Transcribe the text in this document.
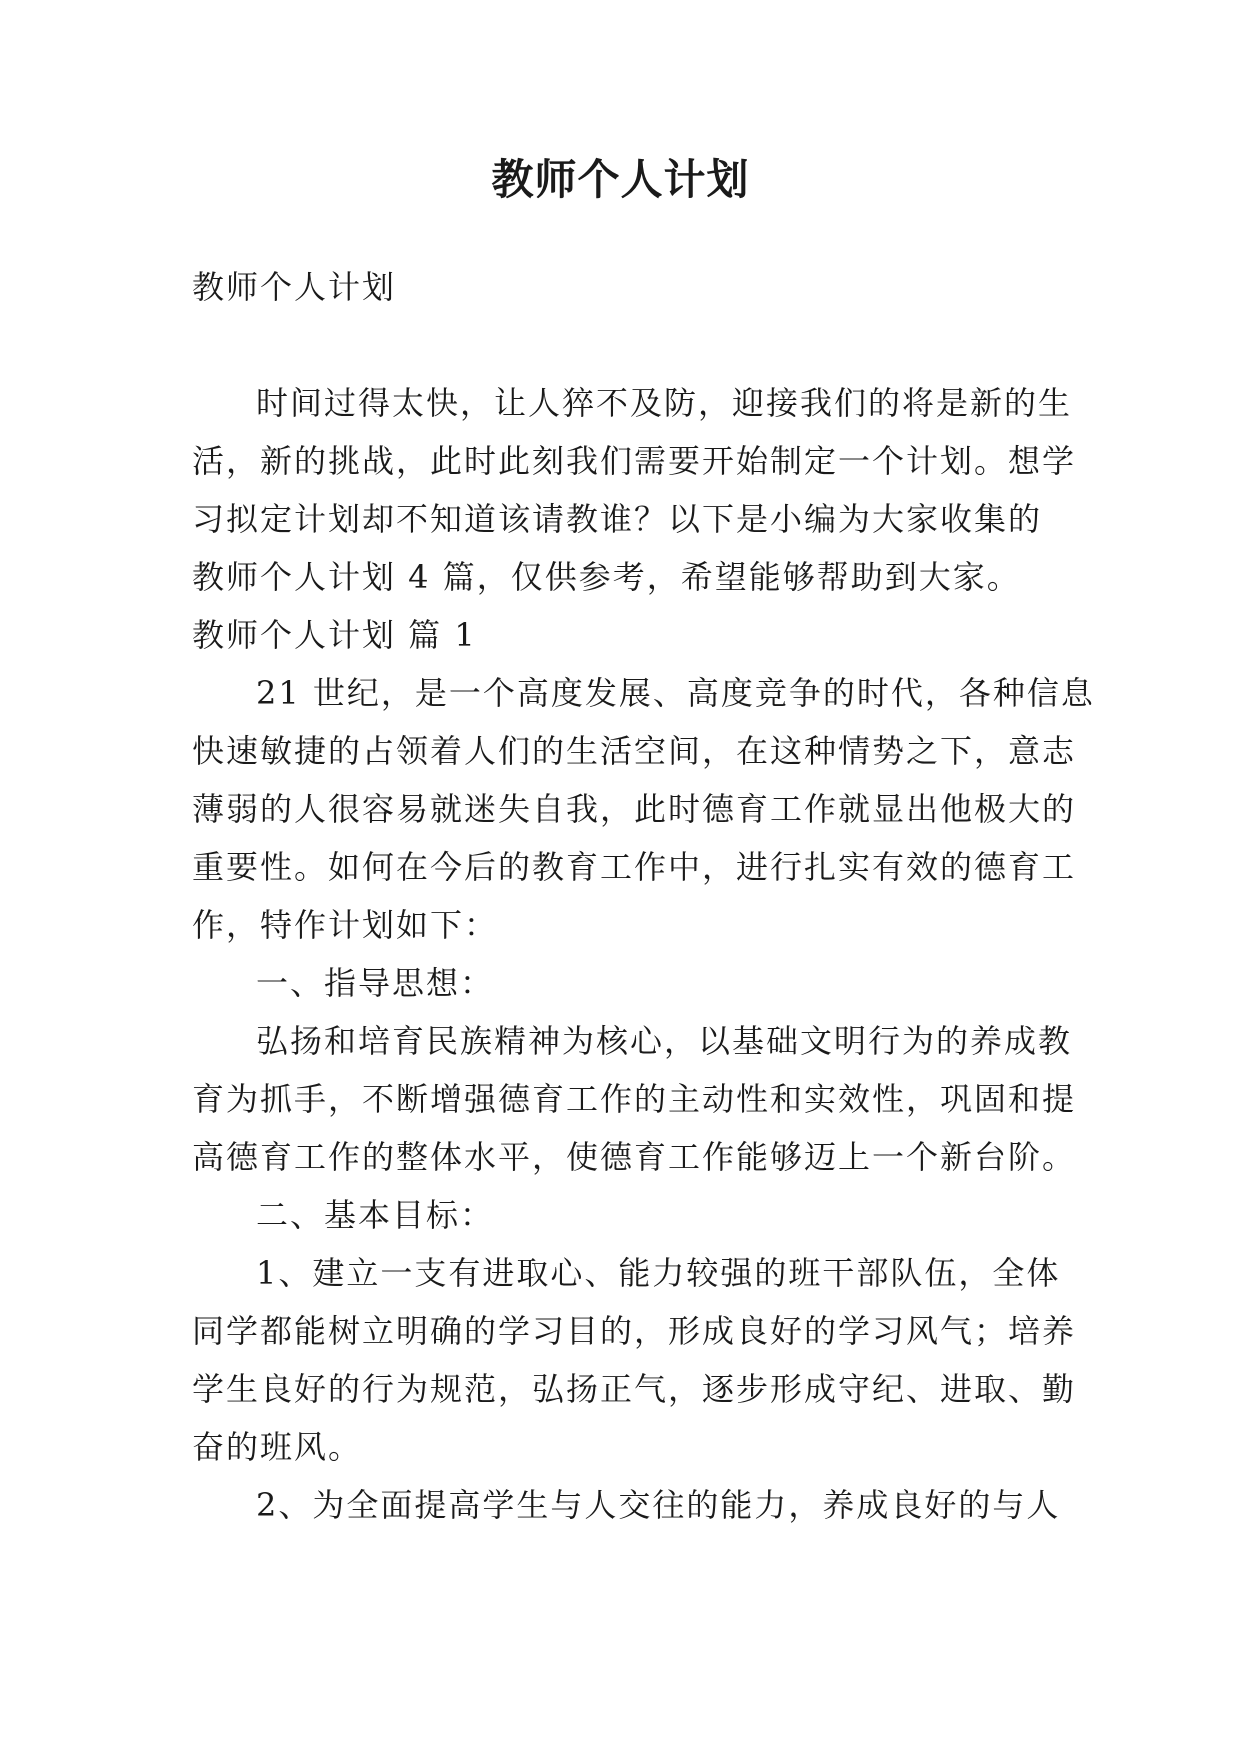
教师个人计划
教师个人计划
时间过得太快，让人猝不及防，迎接我们的将是新的生
活，新的挑战，此时此刻我们需要开始制定一个计划。想学
习拟定计划却不知道该请教谁？以下是小编为大家收集的
教师个人计划 4 篇，仅供参考，希望能够帮助到大家。
教师个人计划 篇 1
21 世纪，是一个高度发展、高度竞争的时代，各种信息
快速敏捷的占领着人们的生活空间，在这种情势之下，意志
薄弱的人很容易就迷失自我，此时德育工作就显出他极大的
重要性。如何在今后的教育工作中，进行扎实有效的德育工
作，特作计划如下：
一、指导思想：
弘扬和培育民族精神为核心，以基础文明行为的养成教
育为抓手，不断增强德育工作的主动性和实效性，巩固和提
高德育工作的整体水平，使德育工作能够迈上一个新台阶。
二、基本目标：
1、建立一支有进取心、能力较强的班干部队伍，全体
同学都能树立明确的学习目的，形成良好的学习风气；培养
学生良好的行为规范，弘扬正气，逐步形成守纪、进取、勤
奋的班风。
2、为全面提高学生与人交往的能力，养成良好的与人
